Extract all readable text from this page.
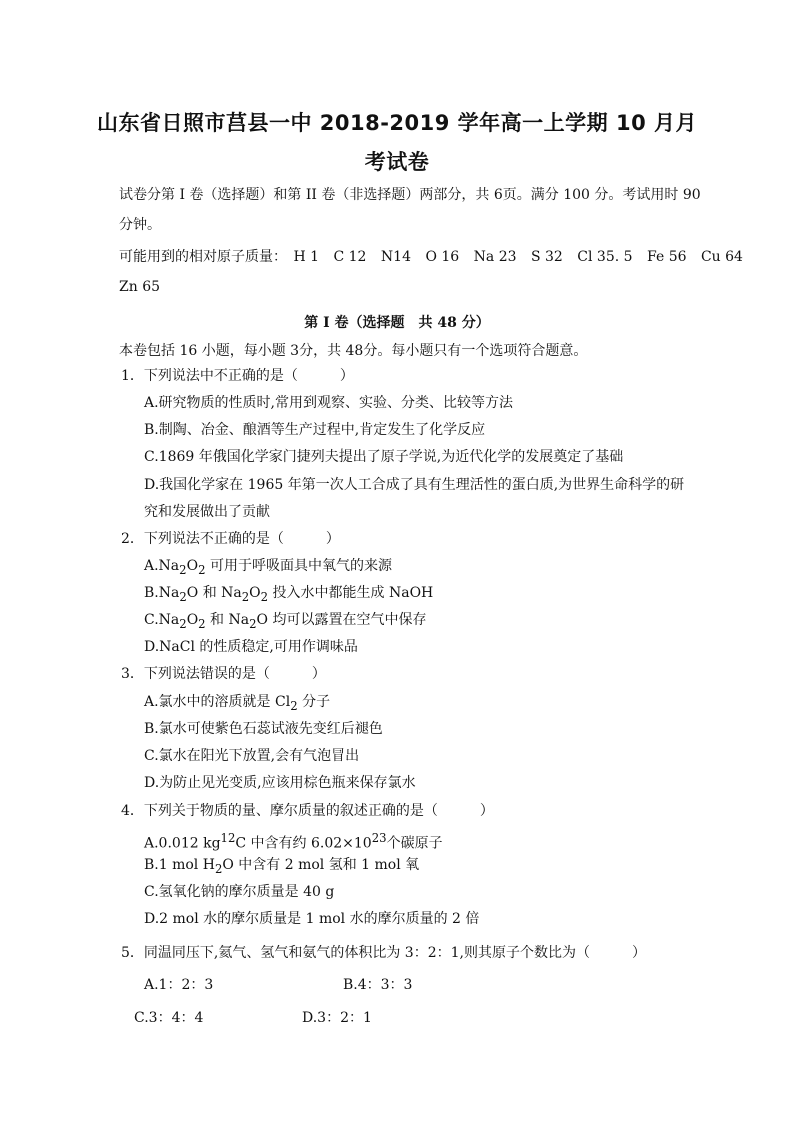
山东省日照市莒县一中 2018-2019 学年高一上学期 10 月月
考试卷
试卷分第 I 卷（选择题）和第 II 卷（非选择题）两部分，共 6页。满分 100 分。考试用时 90
分钟。
可能用到的相对原子质量： H 1 C 12 N14 O 16 Na 23 S 32 Cl 35. 5 Fe 56 Cu 64
Zn 65
第 I 卷（选择题　共 48 分）
本卷包括 16 小题，每小题 3分，共 48分。每小题只有一个选项符合题意。
1．下列说法中不正确的是（　　　）
A.研究物质的性质时,常用到观察、实验、分类、比较等方法
B.制陶、冶金、酿酒等生产过程中,肯定发生了化学反应
C.1869 年俄国化学家门捷列夫提出了原子学说,为近代化学的发展奠定了基础
D.我国化学家在 1965 年第一次人工合成了具有生理活性的蛋白质,为世界生命科学的研
究和发展做出了贡献
2．下列说法不正确的是（　　　）
$A.Na_2O_2$ 可用于呼吸面具中氧气的来源
$B.Na_2O$ 和 $Na_2O_2$ 投入水中都能生成 NaOH
$C.Na_2O_2$ 和 $Na_2O$ 均可以露置在空气中保存
D.NaCl 的性质稳定,可用作调味品
3．下列说法错误的是（　　　）
A.氯水中的溶质就是 $Cl_2$ 分子
B.氯水可使紫色石蕊试液先变红后褪色
C.氯水在阳光下放置,会有气泡冒出
D.为防止见光变质,应该用棕色瓶来保存氯水
4．下列关于物质的量、摩尔质量的叙述正确的是（　　　）
A.0.012 $kg^{12}C$ 中含有约 $6.02\times 10^{23}$个碳原子
B.1 mol $H_2O$ 中含有 2 mol 氢和 1 mol 氧
C.氢氧化钠的摩尔质量是 40 g
D.2 mol 水的摩尔质量是 1 mol 水的摩尔质量的 2 倍
5．同温同压下,氦气、氢气和氨气的体积比为 3：2：1,则其原子个数比为（　　　）
A.1：2：3	B.4：3：3
C.3：4：4	D.3：2：1
